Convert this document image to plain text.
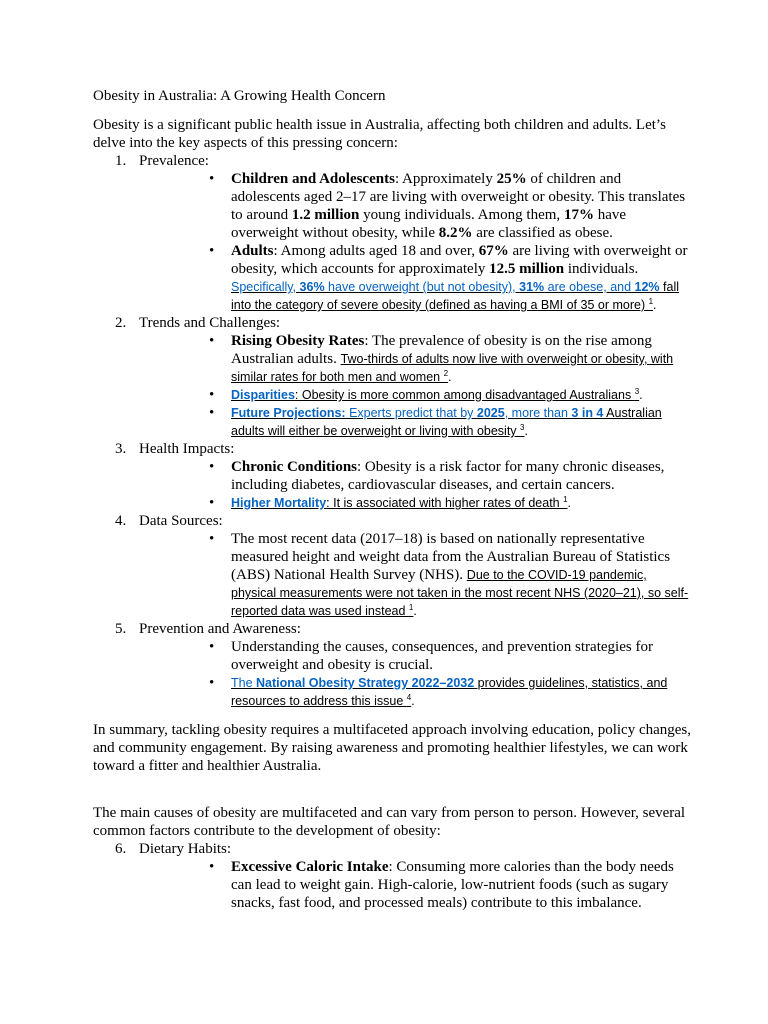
Obesity in Australia: A Growing Health Concern

Obesity is a significant public health issue in Australia, affecting both children and adults. Let’s delve into the key aspects of this pressing concern:

1. Prevalence:
• Children and Adolescents: Approximately 25% of children and adolescents aged 2–17 are living with overweight or obesity. This translates to around 1.2 million young individuals. Among them, 17% have overweight without obesity, while 8.2% are classified as obese.
• Adults: Among adults aged 18 and over, 67% are living with overweight or obesity, which accounts for approximately 12.5 million individuals.
Specifically, 36% have overweight (but not obesity), 31% are obese, and 12% fall into the category of severe obesity (defined as having a BMI of 35 or more) $^1$.
2. Trends and Challenges:
• Rising Obesity Rates: The prevalence of obesity is on the rise among Australian adults. Two-thirds of adults now live with overweight or obesity, with similar rates for both men and women $^2$.
• Disparities: Obesity is more common among disadvantaged Australians $^3$.
• Future Projections: Experts predict that by 2025, more than 3 in 4 Australian adults will either be overweight or living with obesity $^3$.
3. Health Impacts:
• Chronic Conditions: Obesity is a risk factor for many chronic diseases, including diabetes, cardiovascular diseases, and certain cancers.
• Higher Mortality: It is associated with higher rates of death $^1$.
4. Data Sources:
• The most recent data (2017–18) is based on nationally representative measured height and weight data from the Australian Bureau of Statistics (ABS) National Health Survey (NHS). Due to the COVID-19 pandemic, physical measurements were not taken in the most recent NHS (2020–21), so self-reported data was used instead $^1$.
5. Prevention and Awareness:
• Understanding the causes, consequences, and prevention strategies for overweight and obesity is crucial.
• The National Obesity Strategy 2022–2032 provides guidelines, statistics, and resources to address this issue $^4$.

In summary, tackling obesity requires a multifaceted approach involving education, policy changes, and community engagement. By raising awareness and promoting healthier lifestyles, we can work toward a fitter and healthier Australia.

The main causes of obesity are multifaceted and can vary from person to person. However, several common factors contribute to the development of obesity:

6. Dietary Habits:
• Excessive Caloric Intake: Consuming more calories than the body needs can lead to weight gain. High-calorie, low-nutrient foods (such as sugary snacks, fast food, and processed meals) contribute to this imbalance.
